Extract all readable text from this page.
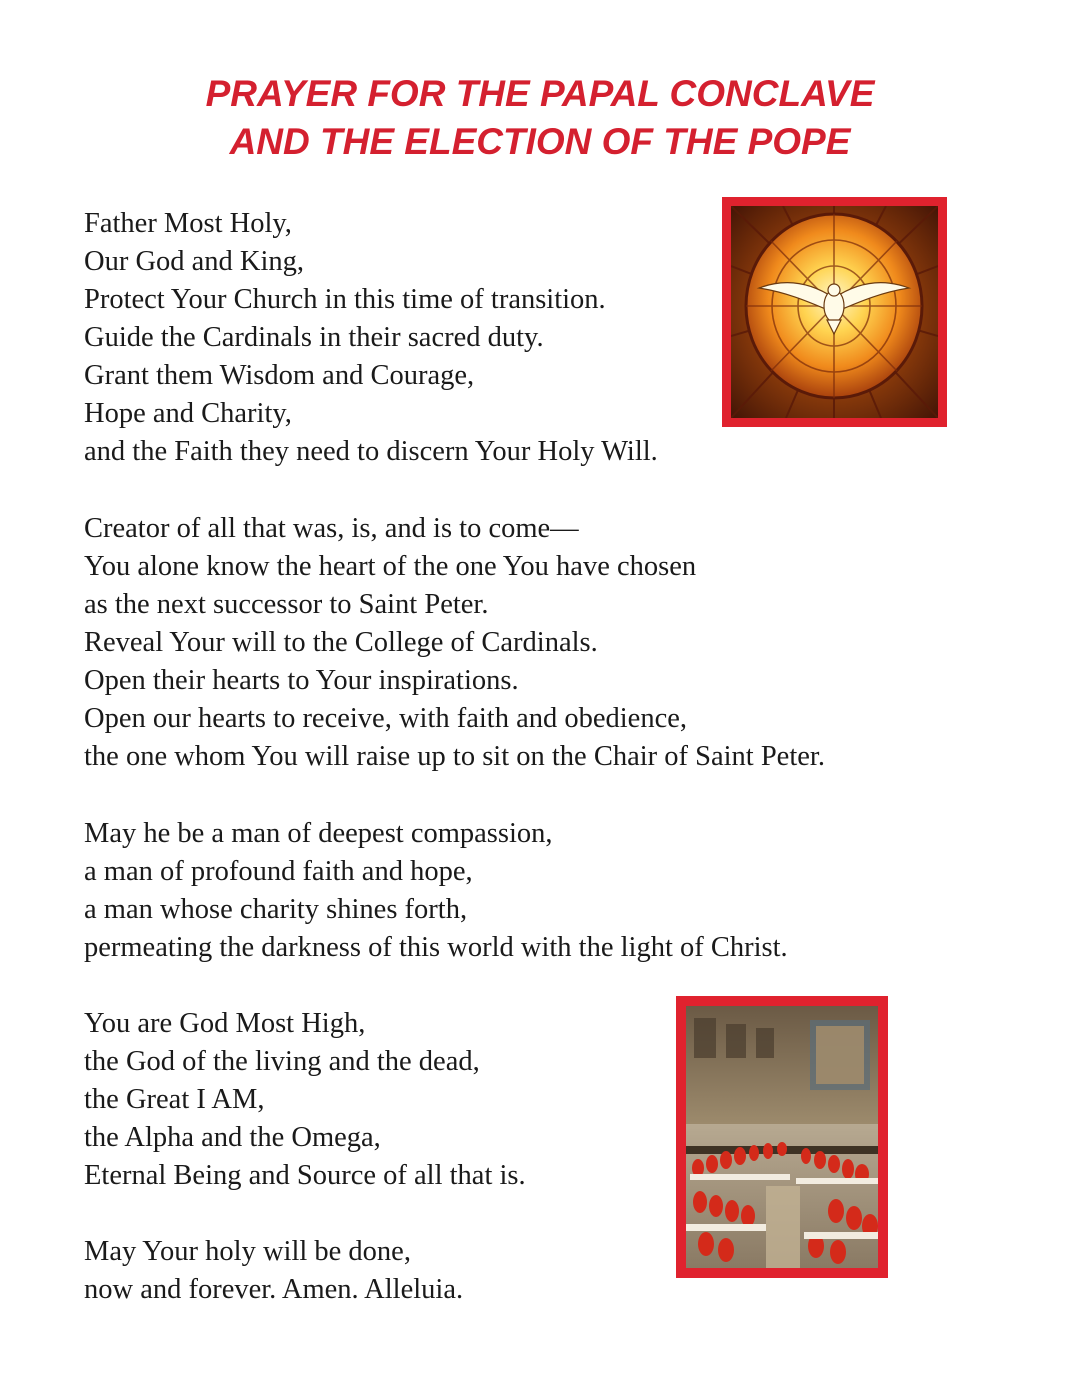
PRAYER FOR THE PAPAL CONCLAVE
AND THE ELECTION OF THE POPE
Father Most Holy,
Our God and King,
Protect Your Church in this time of transition.
Guide the Cardinals in their sacred duty.
Grant them Wisdom and Courage,
Hope and Charity,
and the Faith they need to discern Your Holy Will.
Creator of all that was, is, and is to come—
You alone know the heart of the one You have chosen
as the next successor to Saint Peter.
Reveal Your will to the College of Cardinals.
Open their hearts to Your inspirations.
Open our hearts to receive, with faith and obedience,
the one whom You will raise up to sit on the Chair of Saint Peter.
May he be a man of deepest compassion,
a man of profound faith and hope,
a man whose charity shines forth,
permeating the darkness of this world with the light of Christ.
You are God Most High,
the God of the living and the dead,
the Great I AM,
the Alpha and the Omega,
Eternal Being and Source of all that is.
May Your holy will be done,
now and forever. Amen. Alleluia.
